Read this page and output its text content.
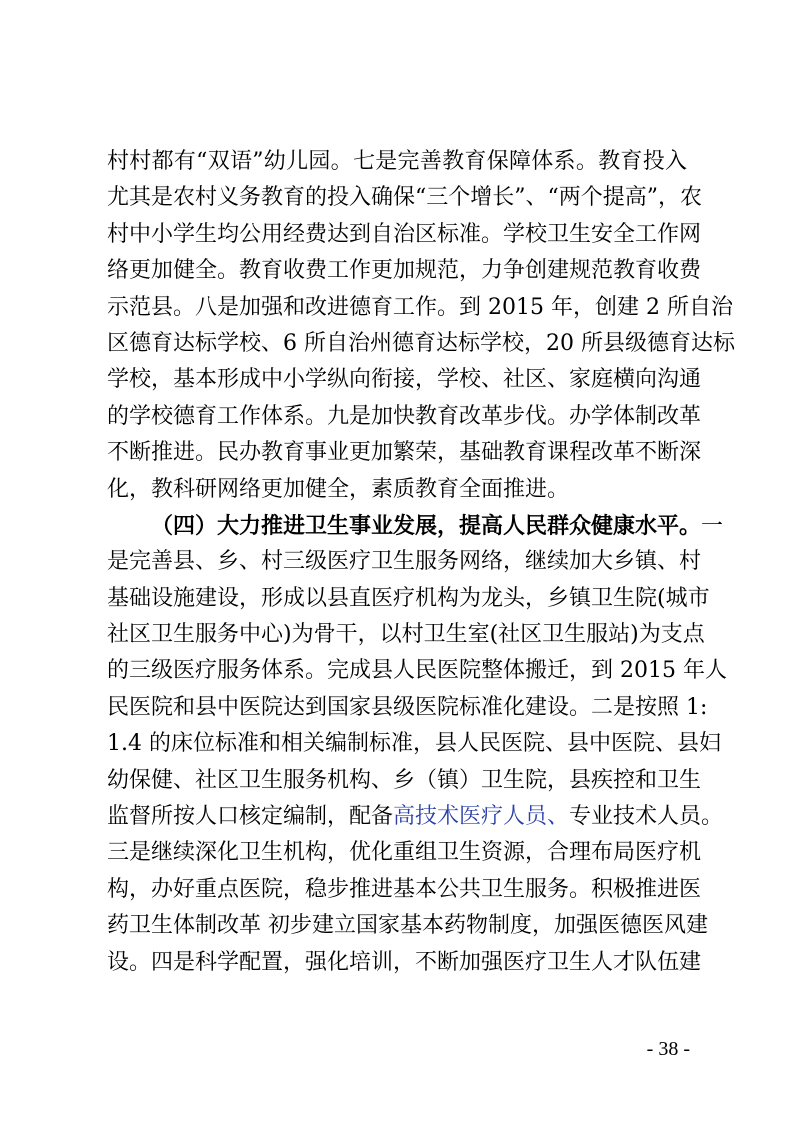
村村都有“双语”幼儿园。七是完善教育保障体系。教育投入
尤其是农村义务教育的投入确保“三个增长”、“两个提高”，农
村中小学生均公用经费达到自治区标准。学校卫生安全工作网
络更加健全。教育收费工作更加规范，力争创建规范教育收费
示范县。八是加强和改进德育工作。到 2015 年，创建 2 所自治
区德育达标学校、6 所自治州德育达标学校，20 所县级德育达标
学校，基本形成中小学纵向衔接，学校、社区、家庭横向沟通
的学校德育工作体系。九是加快教育改革步伐。办学体制改革
不断推进。民办教育事业更加繁荣，基础教育课程改革不断深
化，教科研网络更加健全，素质教育全面推进。
（四）大力推进卫生事业发展，提高人民群众健康水平。一
是完善县、乡、村三级医疗卫生服务网络，继续加大乡镇、村
基础设施建设，形成以县直医疗机构为龙头，乡镇卫生院(城市
社区卫生服务中心)为骨干，以村卫生室(社区卫生服站)为支点
的三级医疗服务体系。完成县人民医院整体搬迁，到 2015 年人
民医院和县中医院达到国家县级医院标准化建设。二是按照 1:
1.4 的床位标准和相关编制标准，县人民医院、县中医院、县妇
幼保健、社区卫生服务机构、乡（镇）卫生院，县疾控和卫生
监督所按人口核定编制，配备高技术医疗人员、专业技术人员。
三是继续深化卫生机构，优化重组卫生资源，合理布局医疗机
构，办好重点医院，稳步推进基本公共卫生服务。积极推进医
药卫生体制改革 初步建立国家基本药物制度，加强医德医风建
设。四是科学配置，强化培训，不断加强医疗卫生人才队伍建
- 38 -
